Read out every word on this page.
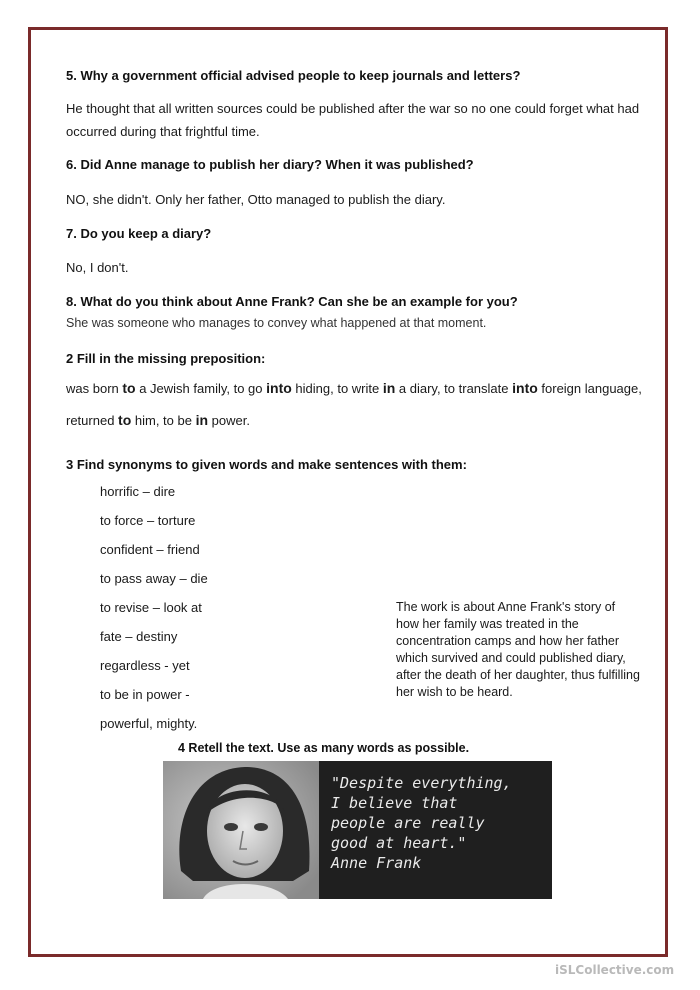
5. Why a government official advised people to keep journals and letters?

He thought that all written sources could be published after the war so no one could forget what had

occurred during that frightful time.

6. Did Anne manage to publish her diary? When it was published?

NO, she didn't. Only her father, Otto managed to publish the diary.

7. Do you keep a diary?

No, I don't.

8. What do you think about Anne Frank? Can she be an example for you?

She was someone who manages to convey what happened at that moment.

2 Fill in the missing preposition:

was born to a Jewish family, to go into hiding, to write in a diary, to translate into foreign language,

returned to him, to be in power.

3 Find synonyms to given words and make sentences with them:

horrific – dire

to force – torture

confident – friend

to pass away – die

to revise – look at

fate – destiny

regardless - yet

to be in power -

powerful, mighty.

The work is about Anne Frank's story of
how her family was treated in the
concentration camps and how her father
which survived and could published diary,
after the death of her daughter, thus fulfilling
her wish to be heard.

4 Retell the text. Use as many words as possible.

"Despite everything,
I believe that
people are really
good at heart."
Anne Frank
iSLCollective.com
